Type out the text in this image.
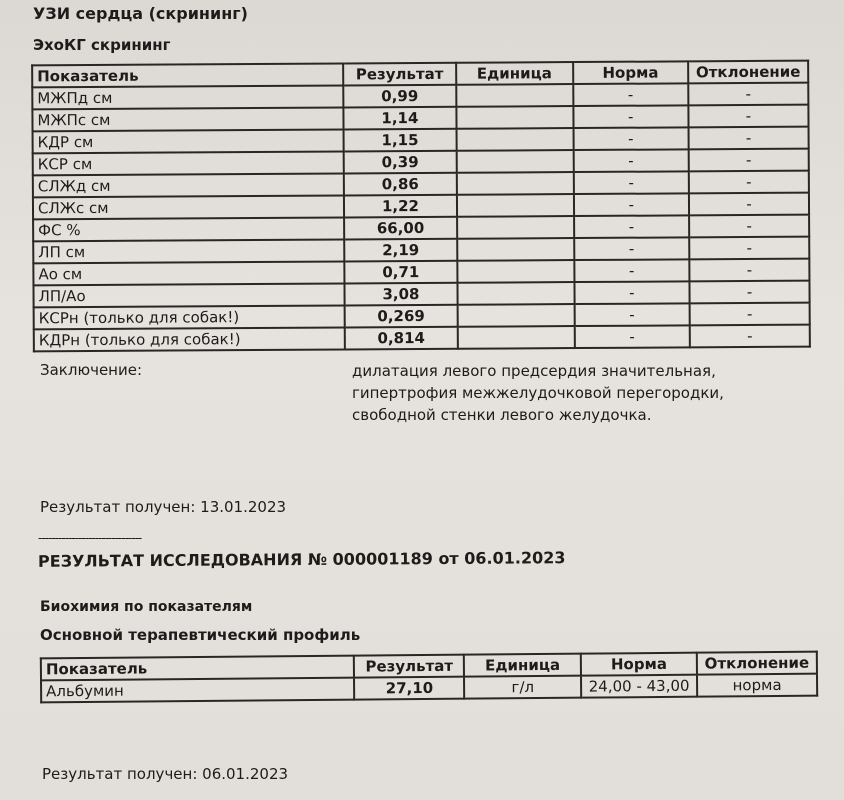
УЗИ сердца (скрининг)
ЭхоКГ скрининг
Показатель	Результат	Единица	Норма	Отклонение
МЖПд см	0,99		-	-
МЖПс см	1,14		-	-
КДР см	1,15		-	-
КСР см	0,39		-	-
СЛЖд см	0,86		-	-
СЛЖс см	1,22		-	-
ФС %	66,00		-	-
ЛП см	2,19		-	-
Ао см	0,71		-	-
ЛП/Ао	3,08		-	-
КСРн (только для собак!)	0,269		-	-
КДРн (только для собак!)	0,814		-	-
Заключение:	дилатация левого предсердия значительная,
гипертрофия межжелудочковой перегородки,
свободной стенки левого желудочка.
Результат получен: 13.01.2023
-------------------------------
РЕЗУЛЬТАТ ИССЛЕДОВАНИЯ № 000001189 от 06.01.2023
Биохимия по показателям
Основной терапевтический профиль
Показатель	Результат	Единица	Норма	Отклонение
Альбумин	27,10	г/л	24,00 - 43,00	норма
Результат получен: 06.01.2023
